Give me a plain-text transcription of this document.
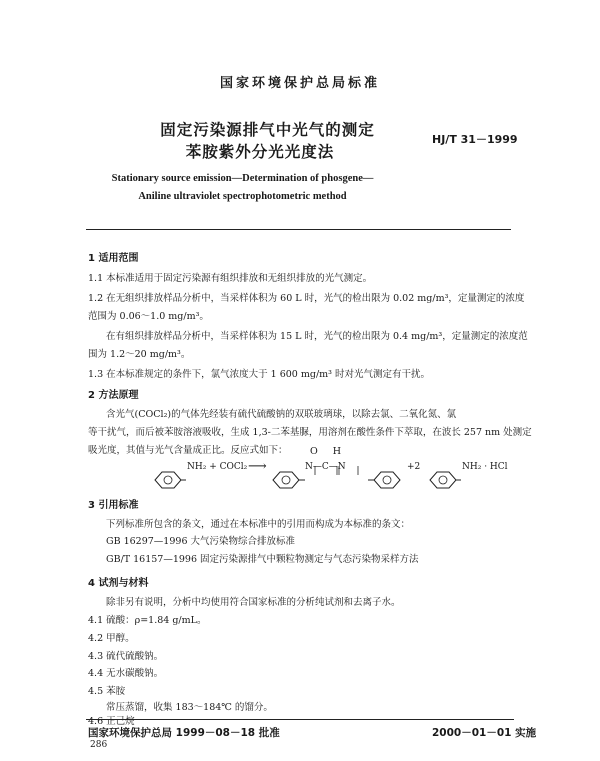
国家环境保护总局标准
固定污染源排气中光气的测定
苯胺紫外分光光度法
HJ/T 31－1999
Stationary source emission—Determination of phosgene—
Aniline ultraviolet spectrophotometric method
1 适用范围
1.1 本标准适用于固定污染源有组织排放和无组织排放的光气测定。
1.2 在无组织排放样品分析中，当采样体积为 60 L 时，光气的检出限为 0.02 mg/m³，定量测定的浓度
范围为 0.06～1.0 mg/m³。
在有组织排放样品分析中，当采样体积为 15 L 时，光气的检出限为 0.4 mg/m³，定量测定的浓度范
围为 1.2～20 mg/m³。
1.3 在本标准规定的条件下，氯气浓度大于 1 600 mg/m³ 时对光气测定有干扰。
2 方法原理
含光气(COCl₂)的气体先经装有硫代硫酸钠的双联玻璃球，以除去氯、二氧化氮、氯
等干扰气，而后被苯胺溶液吸收，生成 1,3-二苯基脲，用溶剂在酸性条件下萃取，在波长 257 nm 处测定
吸光度，其值与光气含量成正比。反应式如下：
NH₂ + COCl₂ ⟶
O H
N—C—N	+2	NH₂ · HCl
3 引用标准
下列标准所包含的条文，通过在本标准中的引用而构成为本标准的条文：
GB 16297—1996 大气污染物综合排放标准
GB/T 16157—1996 固定污染源排气中颗粒物测定与气态污染物采样方法
4 试剂与材料
除非另有说明，分析中均使用符合国家标准的分析纯试剂和去离子水。
4.1 硫酸：ρ=1.84 g/mL。
4.2 甲醇。
4.3 硫代硫酸钠。
4.4 无水碳酸钠。
4.5 苯胺
常压蒸馏，收集 183～184℃ 的馏分。
4.6 正己烷
国家环境保护总局 1999－08－18 批准	2000－01－01 实施
286
